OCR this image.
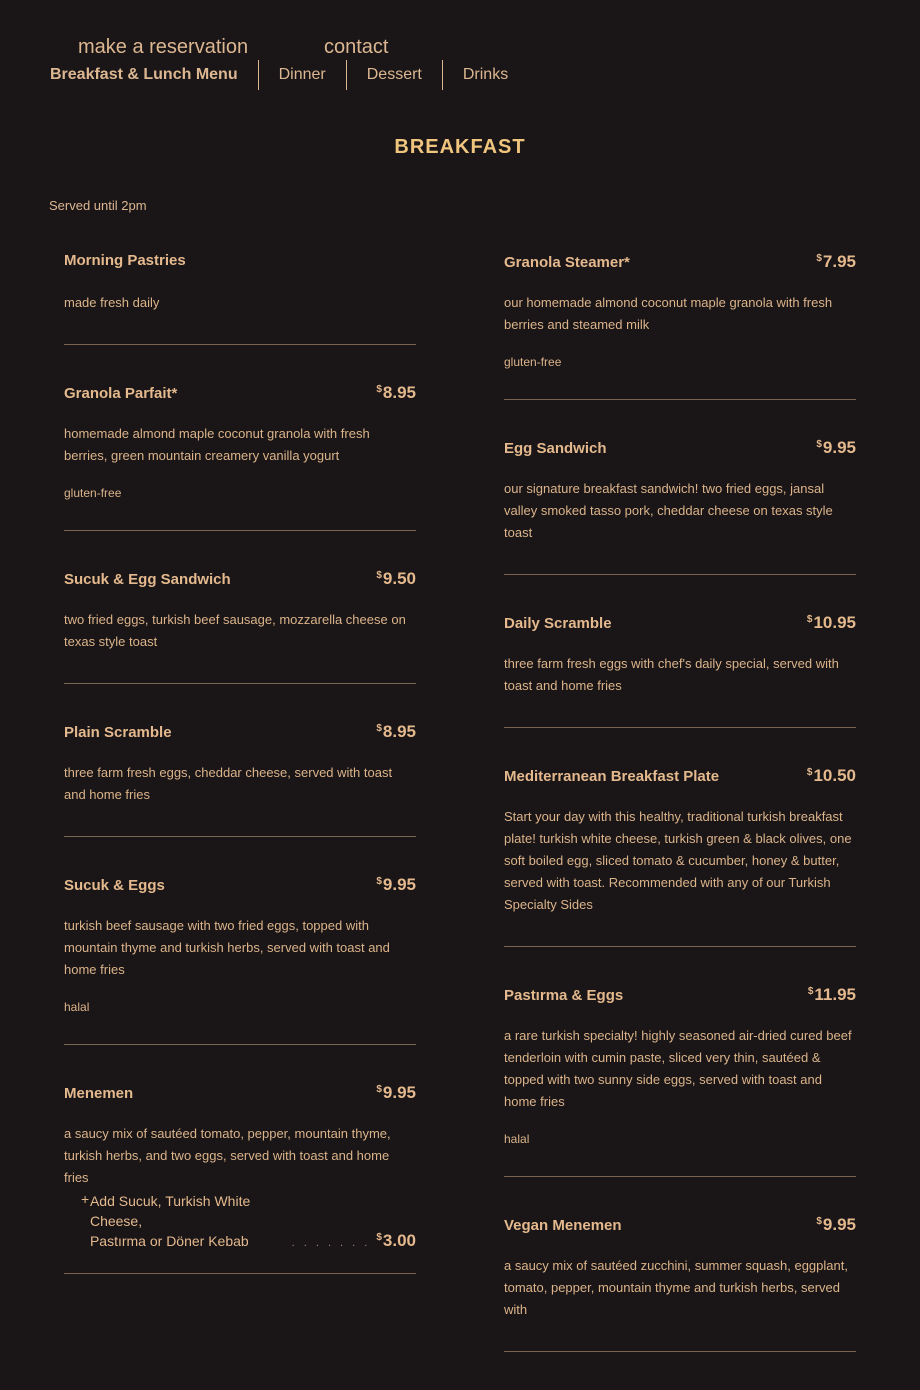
make a reservation	contact
Breakfast & Lunch Menu	Dinner	Dessert	Drinks
BREAKFAST
Served until 2pm
Morning Pastries
made fresh daily
Granola Parfait*	$8.95
homemade almond maple coconut granola with fresh berries, green mountain creamery vanilla yogurt
gluten-free
Sucuk & Egg Sandwich	$9.50
two fried eggs, turkish beef sausage, mozzarella cheese on texas style toast
Plain Scramble	$8.95
three farm fresh eggs, cheddar cheese, served with toast and home fries
Sucuk & Eggs	$9.95
turkish beef sausage with two fried eggs, topped with mountain thyme and turkish herbs, served with toast and home fries
halal
Menemen	$9.95
a saucy mix of sautéed tomato, pepper, mountain thyme, turkish herbs, and two eggs, served with toast and home fries
+ Add Sucuk, Turkish White Cheese,
Pastırma or Döner Kebab	. . . . . . . $3.00
Granola Steamer*	$7.95
our homemade almond coconut maple granola with fresh berries and steamed milk
gluten-free
Egg Sandwich	$9.95
our signature breakfast sandwich! two fried eggs, jansal valley smoked tasso pork, cheddar cheese on texas style toast
Daily Scramble	$10.95
three farm fresh eggs with chef's daily special, served with toast and home fries
Mediterranean Breakfast Plate	$10.50
Start your day with this healthy, traditional turkish breakfast plate! turkish white cheese, turkish green & black olives, one soft boiled egg, sliced tomato & cucumber, honey & butter, served with toast. Recommended with any of our Turkish Specialty Sides
Pastırma & Eggs	$11.95
a rare turkish specialty! highly seasoned air-dried cured beef tenderloin with cumin paste, sliced very thin, sautéed & topped with two sunny side eggs, served with toast and home fries
halal
Vegan Menemen	$9.95
a saucy mix of sautéed zucchini, summer squash, eggplant, tomato, pepper, mountain thyme and turkish herbs, served with
